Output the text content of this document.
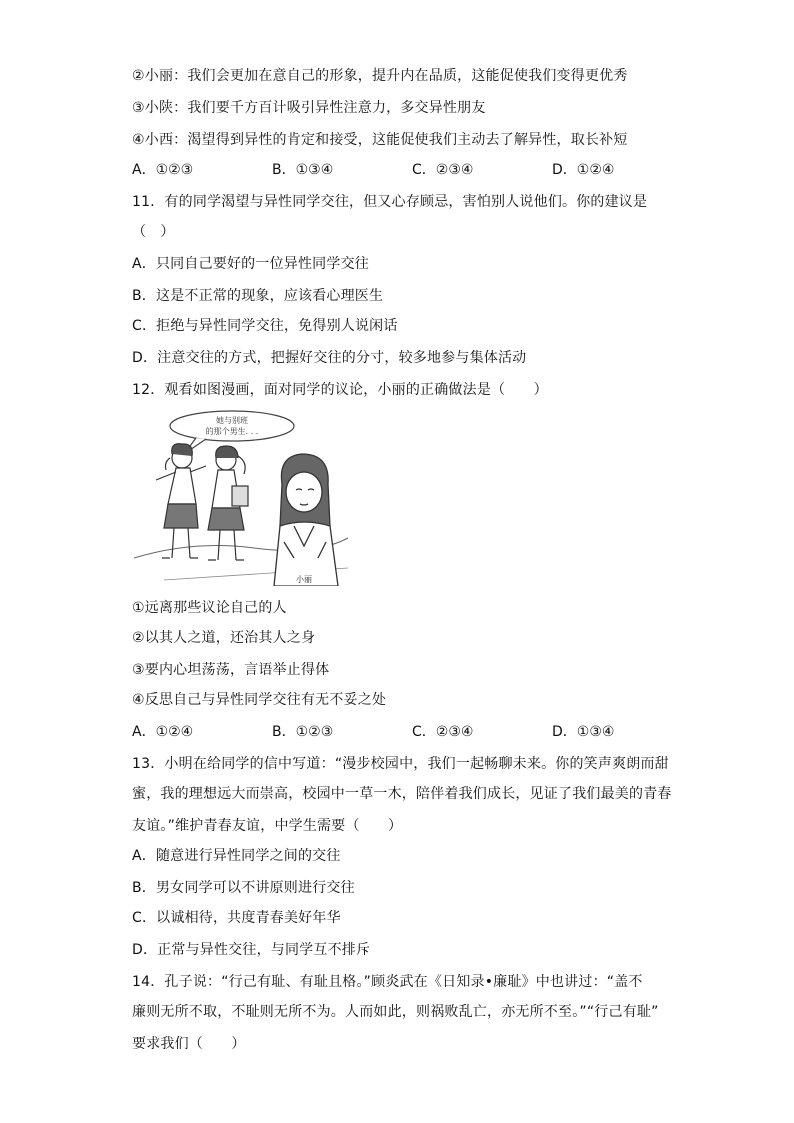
②小丽：我们会更加在意自己的形象，提升内在品质，这能促使我们变得更优秀
③小陕：我们要千方百计吸引异性注意力，多交异性朋友
④小西：渴望得到异性的肯定和接受，这能促使我们主动去了解异性，取长补短
A．①②③	B．①③④	C．②③④	D．①②④
11．有的同学渴望与异性同学交往，但又心存顾忌，害怕别人说他们。你的建议是
（　）
A．只同自己要好的一位异性同学交往
B．这是不正常的现象，应该看心理医生
C．拒绝与异性同学交往，免得别人说闲话
D．注意交往的方式，把握好交往的分寸，较多地参与集体活动
12．观看如图漫画，面对同学的议论，小丽的正确做法是（　　）
她与别班
的那个男生. . .
小丽
①远离那些议论自己的人
②以其人之道，还治其人之身
③要内心坦荡荡，言语举止得体
④反思自己与异性同学交往有无不妥之处
A．①②④	B．①②③	C．②③④	D．①③④
13．小明在给同学的信中写道：“漫步校园中，我们一起畅聊未来。你的笑声爽朗而甜
蜜，我的理想远大而崇高，校园中一草一木，陪伴着我们成长，见证了我们最美的青春
友谊。”维护青春友谊，中学生需要（　　）
A．随意进行异性同学之间的交往
B．男女同学可以不讲原则进行交往
C．以诚相待，共度青春美好年华
D．正常与异性交往，与同学互不排斥
14．孔子说：“行己有耻、有耻且格。”顾炎武在《日知录•廉耻》中也讲过：“盖不
廉则无所不取，不耻则无所不为。人而如此，则祸败乱亡，亦无所不至。”“行己有耻”
要求我们（　　）
